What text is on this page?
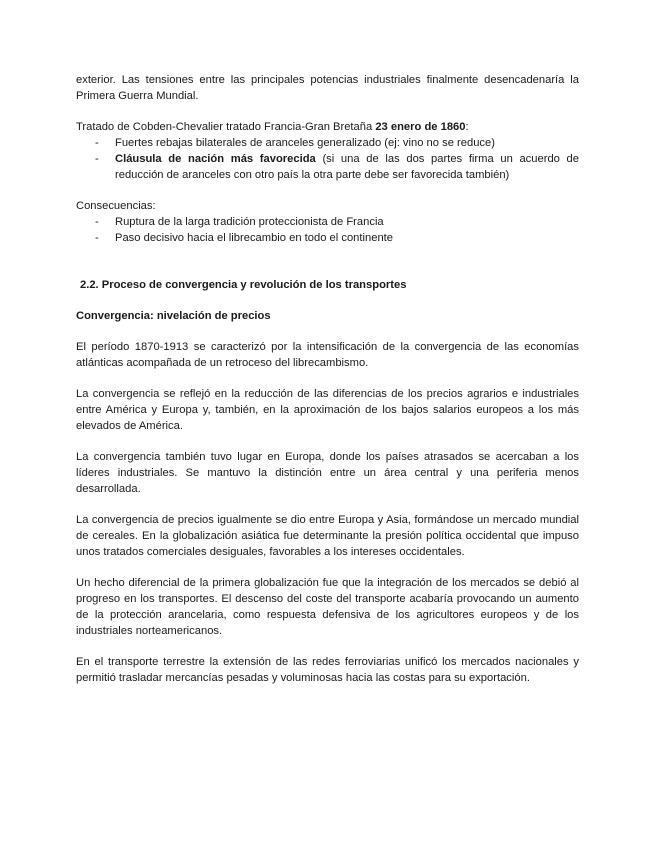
exterior. Las tensiones entre las principales potencias industriales finalmente desencadenaría la Primera Guerra Mundial.

Tratado de Cobden-Chevalier tratado Francia-Gran Bretaña 23 enero de 1860:

- Fuertes rebajas bilaterales de aranceles generalizado (ej: vino no se reduce)
- Cláusula de nación más favorecida (si una de las dos partes firma un acuerdo de reducción de aranceles con otro país la otra parte debe ser favorecida también)

Consecuencias:

- Ruptura de la larga tradición proteccionista de Francia
- Paso decisivo hacia el librecambio en todo el continente

2.2. Proceso de convergencia y revolución de los transportes

Convergencia: nivelación de precios

El período 1870-1913 se caracterizó por la intensificación de la convergencia de las economías atlánticas acompañada de un retroceso del librecambismo.

La convergencia se reflejó en la reducción de las diferencias de los precios agrarios e industriales entre América y Europa y, también, en la aproximación de los bajos salarios europeos a los más elevados de América.

La convergencia también tuvo lugar en Europa, donde los países atrasados se acercaban a los líderes industriales. Se mantuvo la distinción entre un área central y una periferia menos desarrollada.

La convergencia de precios igualmente se dio entre Europa y Asia, formándose un mercado mundial de cereales. En la globalización asiática fue determinante la presión política occidental que impuso unos tratados comerciales desiguales, favorables a los intereses occidentales.

Un hecho diferencial de la primera globalización fue que la integración de los mercados se debió al progreso en los transportes. El descenso del coste del transporte acabaría provocando un aumento de la protección arancelaria, como respuesta defensiva de los agricultores europeos y de los industriales norteamericanos.

En el transporte terrestre la extensión de las redes ferroviarias unificó los mercados nacionales y permitió trasladar mercancías pesadas y voluminosas hacia las costas para su exportación.
